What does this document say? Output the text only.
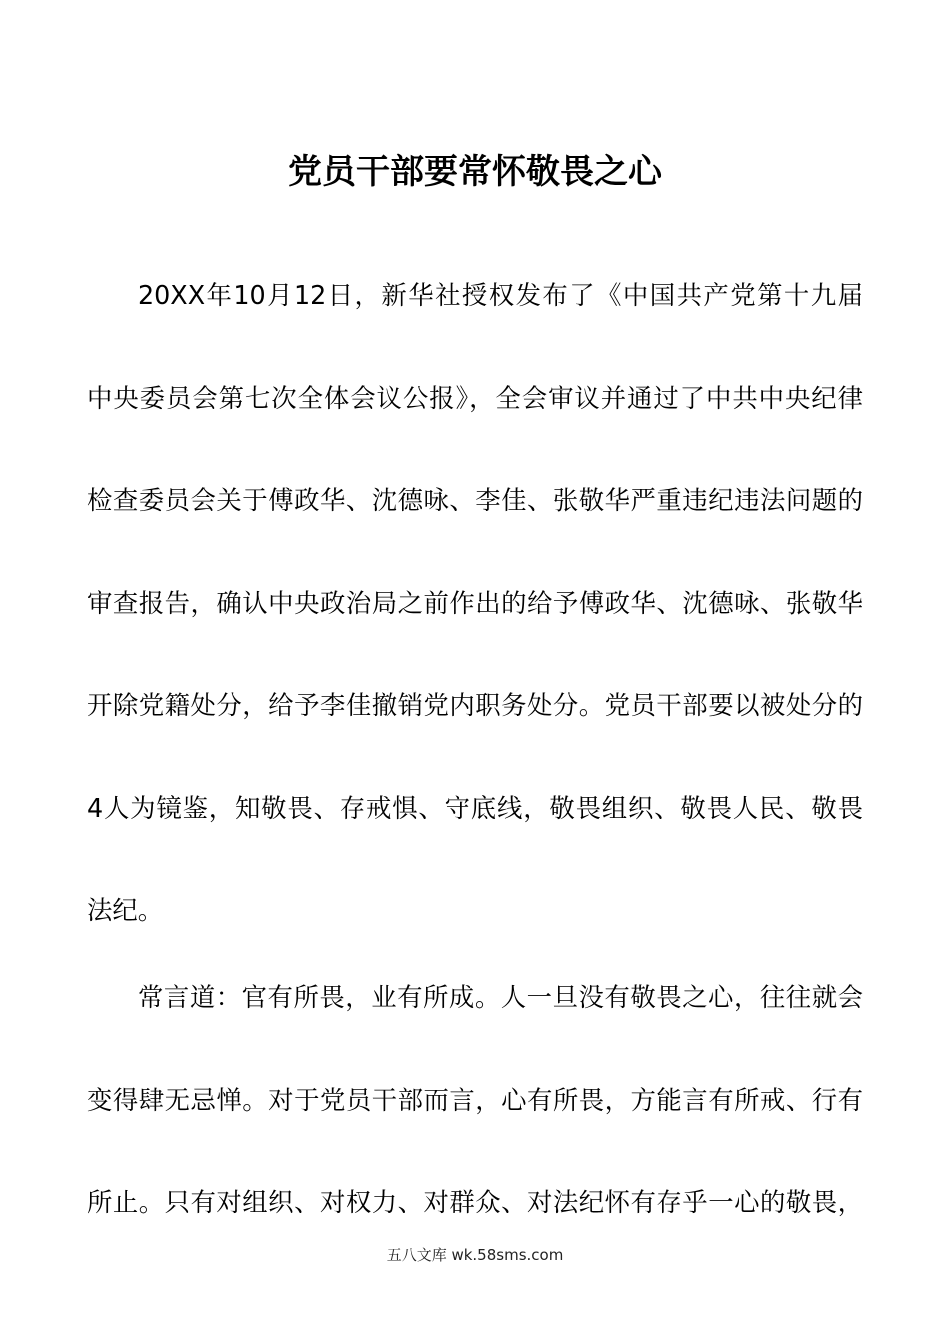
党员干部要常怀敬畏之心
20XX年10月12日，新华社授权发布了《中国共产党第十九届
中央委员会第七次全体会议公报》，全会审议并通过了中共中央纪律
检查委员会关于傅政华、沈德咏、李佳、张敬华严重违纪违法问题的
审查报告，确认中央政治局之前作出的给予傅政华、沈德咏、张敬华
开除党籍处分，给予李佳撤销党内职务处分。党员干部要以被处分的
4人为镜鉴，知敬畏、存戒惧、守底线，敬畏组织、敬畏人民、敬畏
法纪。
常言道：官有所畏，业有所成。人一旦没有敬畏之心，往往就会
变得肆无忌惮。对于党员干部而言，心有所畏，方能言有所戒、行有
所止。只有对组织、对权力、对群众、对法纪怀有存乎一心的敬畏，
五八文库 wk.58sms.com
